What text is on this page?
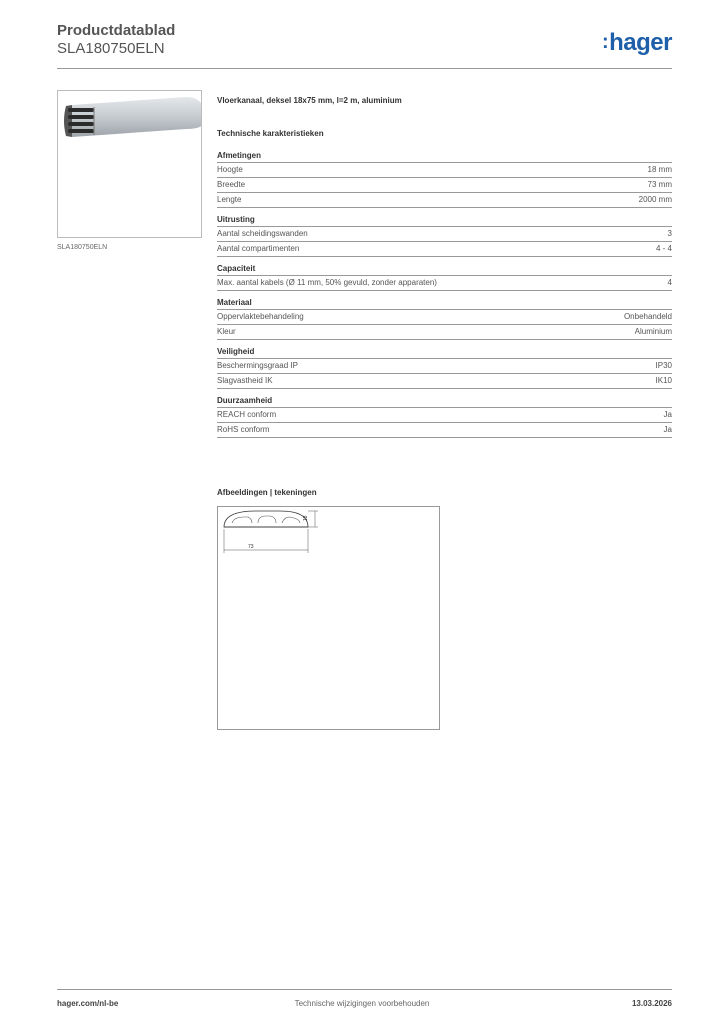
Productdatablad
SLA180750ELN	:hager
SLA180750ELN
Vloerkanaal, deksel 18x75 mm, l=2 m, aluminium
Technische karakteristieken
Afmetingen
Hoogte	18 mm
Breedte	73 mm
Lengte	2000 mm
Uitrusting
Aantal scheidingswanden	3
Aantal compartimenten	4 - 4
Capaciteit
Max. aantal kabels (Ø 11 mm, 50% gevuld, zonder apparaten)	4
Materiaal
Oppervlaktebehandeling	Onbehandeld
Kleur	Aluminium
Veiligheid
Beschermingsgraad IP	IP30
Slagvastheid IK	IK10
Duurzaamheid
REACH conform	Ja
RoHS conform	Ja
Afbeeldingen | tekeningen
18
73
hager.com/nl-be	Technische wijzigingen voorbehouden	13.03.2026
